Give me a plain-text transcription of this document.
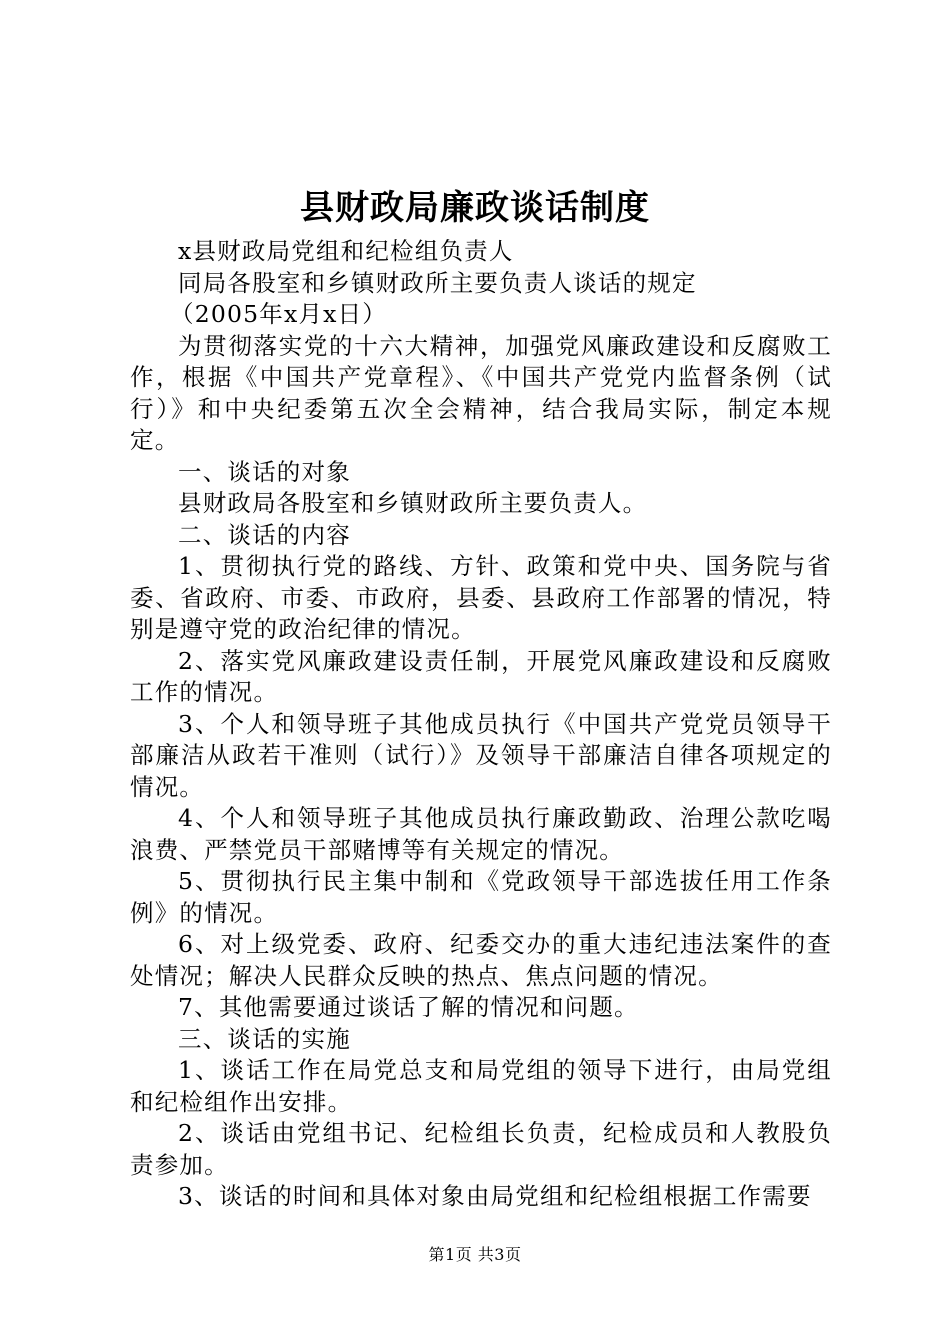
县财政局廉政谈话制度

x县财政局党组和纪检组负责人

同局各股室和乡镇财政所主要负责人谈话的规定

（2005年x月x日）

为贯彻落实党的十六大精神，加强党风廉政建设和反腐败工作，根据《中国共产党章程》、《中国共产党党内监督条例（试行）》和中央纪委第五次全会精神，结合我局实际，制定本规定。

一、谈话的对象

县财政局各股室和乡镇财政所主要负责人。

二、谈话的内容

1、贯彻执行党的路线、方针、政策和党中央、国务院与省委、省政府、市委、市政府，县委、县政府工作部署的情况，特别是遵守党的政治纪律的情况。

2、落实党风廉政建设责任制，开展党风廉政建设和反腐败工作的情况。

3、个人和领导班子其他成员执行《中国共产党党员领导干部廉洁从政若干准则（试行）》及领导干部廉洁自律各项规定的情况。

4、个人和领导班子其他成员执行廉政勤政、治理公款吃喝浪费、严禁党员干部赌博等有关规定的情况。

5、贯彻执行民主集中制和《党政领导干部选拔任用工作条例》的情况。

6、对上级党委、政府、纪委交办的重大违纪违法案件的查处情况；解决人民群众反映的热点、焦点问题的情况。

7、其他需要通过谈话了解的情况和问题。

三、谈话的实施

1、谈话工作在局党总支和局党组的领导下进行，由局党组和纪检组作出安排。

2、谈话由党组书记、纪检组长负责，纪检成员和人教股负责参加。

3、谈话的时间和具体对象由局党组和纪检组根据工作需要

第1页 共3页
